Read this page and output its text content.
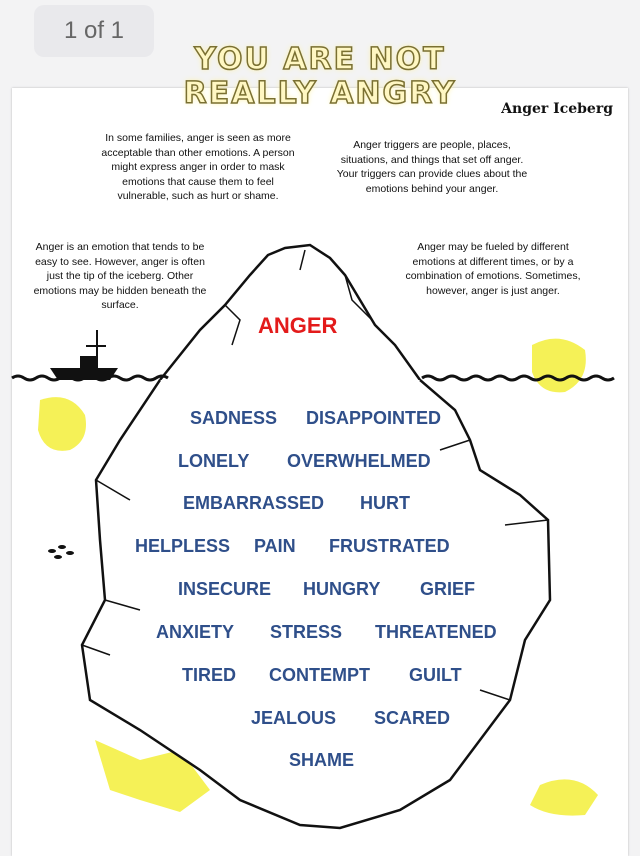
1 of 1
YOU ARE NOT
REALLY ANGRY	Anger Iceberg
In some families, anger is seen as more acceptable than other emotions. A person might express anger in order to mask emotions that cause them to feel vulnerable, such as hurt or shame.
Anger triggers are people, places, situations, and things that set off anger. Your triggers can provide clues about the emotions behind your anger.
Anger is an emotion that tends to be easy to see. However, anger is often just the tip of the iceberg. Other emotions may be hidden beneath the surface.
Anger may be fueled by different emotions at different times, or by a combination of emotions. Sometimes, however, anger is just anger.
ANGER
SADNESS DISAPPOINTED
LONELY OVERWHELMED
EMBARRASSED HURT
HELPLESS PAIN FRUSTRATED
INSECURE HUNGRY GRIEF
ANXIETY STRESS THREATENED
TIRED CONTEMPT GUILT
JEALOUS SCARED
SHAME
